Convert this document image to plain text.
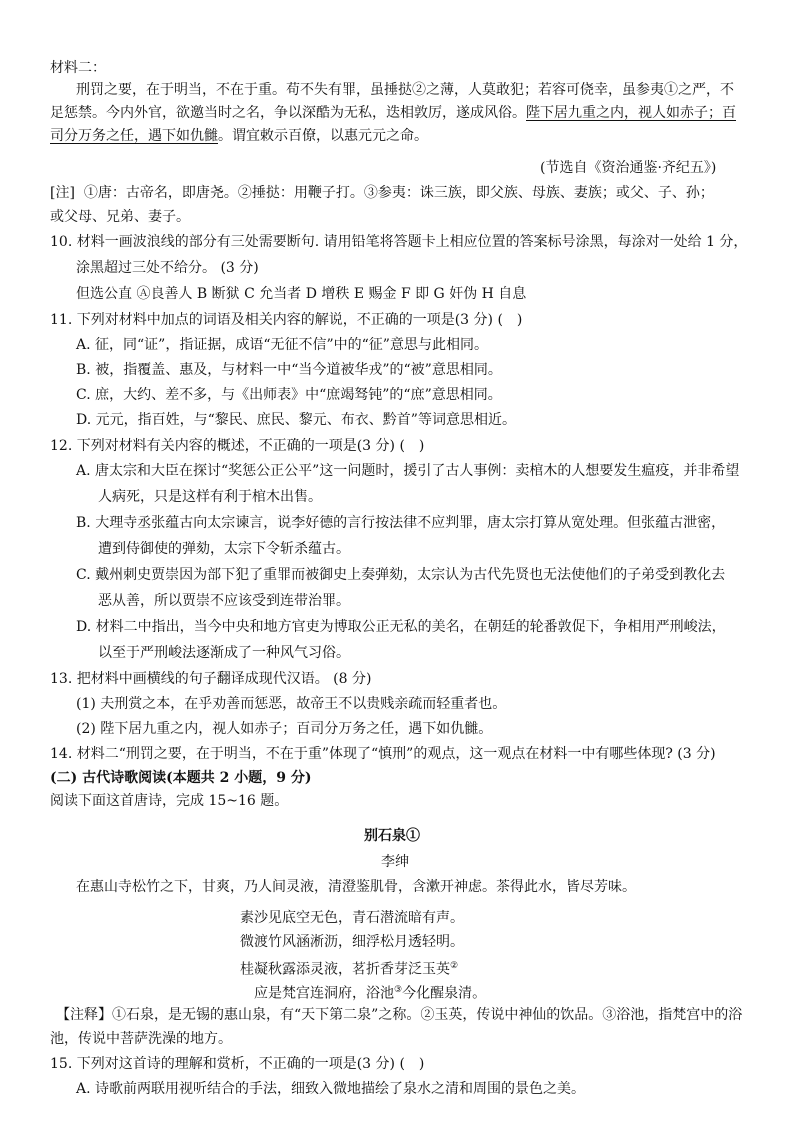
材料二：
刑罚之要，在于明当，不在于重。苟不失有罪，虽捶挞②之薄，人莫敢犯；若容可侥幸，虽参夷①之严，不
足惩禁。今内外官，欲邀当时之名，争以深酷为无私，迭相敦厉，遂成风俗。陛下居九重之内，视人如赤子；百
司分万务之任，遇下如仇雠。谓宜敕示百僚，以惠元元之命。
(节选自《资治通鉴·齐纪五》)
[注] ①唐：古帝名，即唐尧。②捶挞：用鞭子打。③参夷：诛三族，即父族、母族、妻族；或父、子、孙；
或父母、兄弟、妻子。
10. 材料一画波浪线的部分有三处需要断句. 请用铅笔将答题卡上相应位置的答案标号涂黑，每涂对一处给 1 分，
涂黑超过三处不给分。 (3 分)
但选公直 Ⓐ良善人 B 断狱 C 允当者 D 增秩 E 赐金 F 即 G 奸伪 H 自息
11. 下列对材料中加点的词语及相关内容的解说，不正确的一项是(3 分) (　)
A. 征，同“证”，指证据，成语“无征不信”中的“征”意思与此相同。
B. 被，指覆盖、惠及，与材料一中“当今道被华戎”的“被”意思相同。
C. 庶，大约、差不多，与《出师表》中“庶竭驽钝”的“庶”意思相同。
D. 元元，指百姓，与“黎民、庶民、黎元、布衣、黔首”等词意思相近。
12. 下列对材料有关内容的概述，不正确的一项是(3 分) (　)
A. 唐太宗和大臣在探讨“奖惩公正公平”这一问题时，援引了古人事例：卖棺木的人想要发生瘟疫，并非希望
人病死，只是这样有利于棺木出售。
B. 大理寺丞张蕴古向太宗谏言，说李好德的言行按法律不应判罪，唐太宗打算从宽处理。但张蕴古泄密，
遭到侍御使的弹劾，太宗下令斩杀蕴古。
C. 戴州刺史贾崇因为部下犯了重罪而被御史上奏弹劾，太宗认为古代先贤也无法使他们的子弟受到教化去
恶从善，所以贾崇不应该受到连带治罪。
D. 材料二中指出，当今中央和地方官吏为博取公正无私的美名，在朝廷的轮番敦促下，争相用严刑峻法，
以至于严刑峻法逐渐成了一种风气习俗。
13. 把材料中画横线的句子翻译成现代汉语。 (8 分)
(1) 夫刑赏之本，在乎劝善而惩恶，故帝王不以贵贱亲疏而轻重者也。
(2) 陛下居九重之内，视人如赤子；百司分万务之任，遇下如仇雠。
14. 材料二“刑罚之要，在于明当，不在于重”体现了“慎刑”的观点，这一观点在材料一中有哪些体现? (3 分)
(二) 古代诗歌阅读(本题共 2 小题，9 分)
阅读下面这首唐诗，完成 15~16 题。
别石泉①
李绅
在惠山寺松竹之下，甘爽，乃人间灵液，清澄鉴肌骨，含漱开神虑。茶得此水，皆尽芳味。
素沙见底空无色，青石潜流暗有声。
微渡竹风涵淅沥，细浮松月透轻明。
桂凝秋露添灵液，茗折香芽泛玉英②
应是梵宫连洞府，浴池③今化醒泉清。
【注释】①石泉，是无锡的惠山泉，有“天下第二泉”之称。②玉英，传说中神仙的饮品。③浴池，指梵宫中的浴
池，传说中菩萨洗澡的地方。
15. 下列对这首诗的理解和赏析，不正确的一项是(3 分) (　)
A. 诗歌前两联用视听结合的手法，细致入微地描绘了泉水之清和周围的景色之美。
